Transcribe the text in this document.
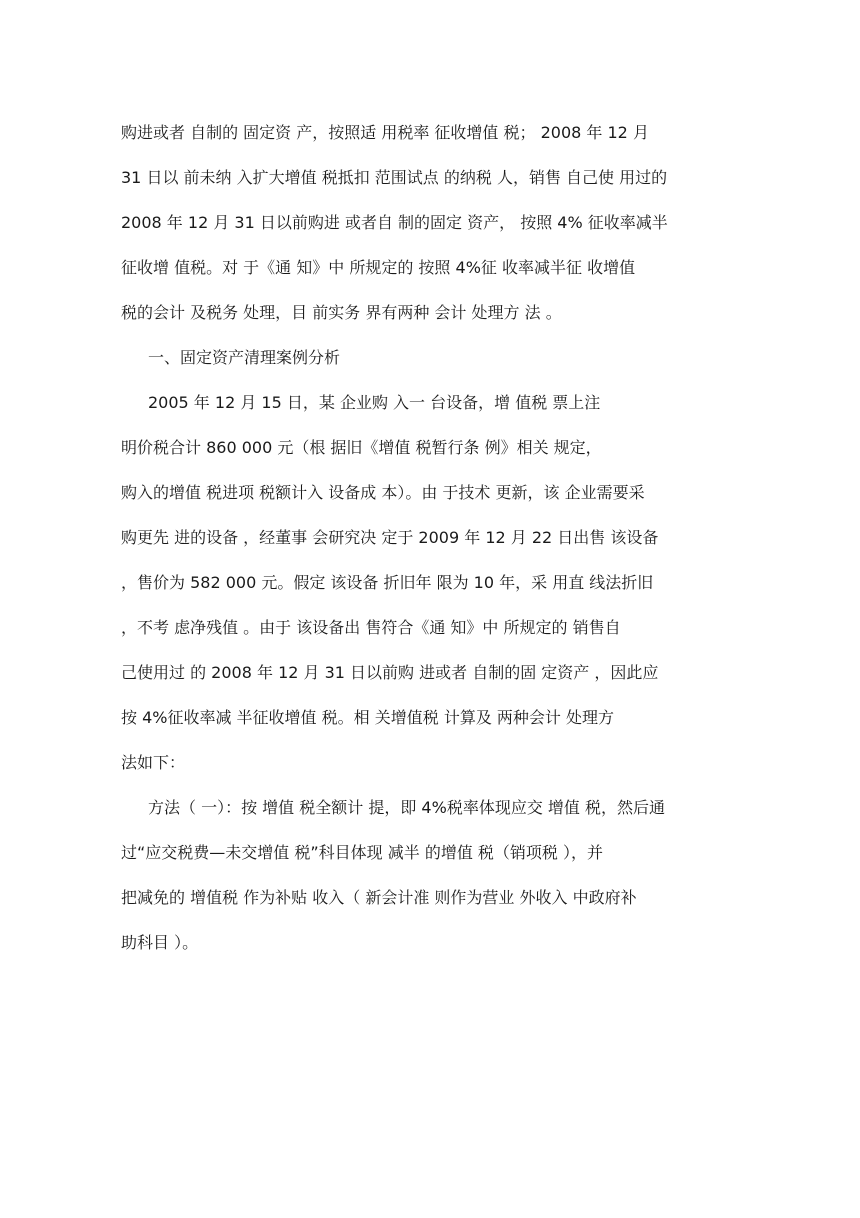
购进或者 自制的 固定资 产，按照适 用税率 征收增值 税； 2008 年 12 月
31 日以 前未纳 入扩大增值 税抵扣 范围试点 的纳税 人，销售 自己使 用过的
2008 年 12 月 31 日以前购进 或者自 制的固定 资产， 按照 4% 征收率减半
征收增 值税。对 于《通 知》中 所规定的 按照 4%征 收率减半征 收增值
税的会计 及税务 处理，目 前实务 界有两种 会计 处理方 法 。
一、固定资产清理案例分析
2005 年 12 月 15 日，某 企业购 入一 台设备，增 值税 票上注
明价税合计 860 000 元（根 据旧《增值 税暂行条 例》相关 规定，
购入的增值 税进项 税额计入 设备成 本）。由 于技术 更新，该 企业需要采
购更先 进的设备 ，经董事 会研究决 定于 2009 年 12 月 22 日出售 该设备
，售价为 582 000 元。假定 该设备 折旧年 限为 10 年，采 用直 线法折旧
，不考 虑净残值 。由于 该设备出 售符合《通 知》中 所规定的 销售自
己使用过 的 2008 年 12 月 31 日以前购 进或者 自制的固 定资产 ，因此应
按 4%征收率减 半征收增值 税。相 关增值税 计算及 两种会计 处理方
法如下：
方法（ 一）：按 增值 税全额计 提，即 4%税率体现应交 增值 税，然后通
过“应交税费—未交增值 税”科目体现 减半 的增值 税（销项税 ），并
把减免的 增值税 作为补贴 收入（ 新会计准 则作为营业 外收入 中政府补
助科目 ）。
